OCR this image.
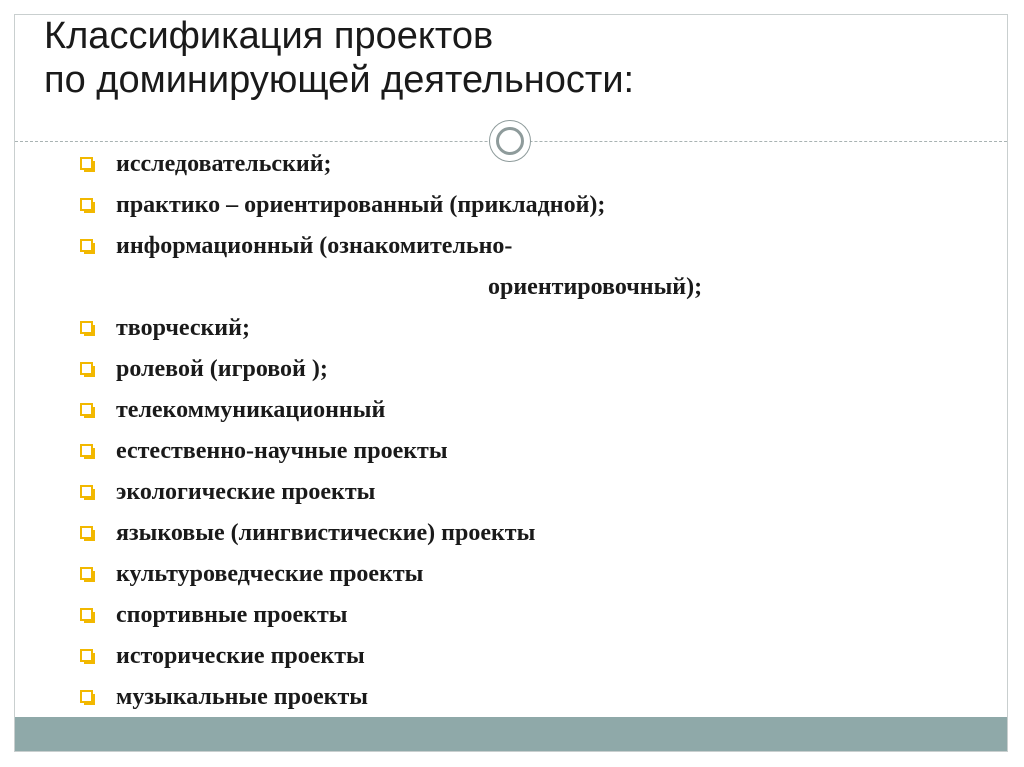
Классификация проектов
по доминирующей деятельности:
исследовательский;
практико – ориентированный (прикладной);
информационный (ознакомительно-
ориентировочный);
творческий;
ролевой (игровой );
телекоммуникационный
естественно-научные проекты
экологические проекты
языковые (лингвистические) проекты
культуроведческие проекты
спортивные проекты
исторические проекты
музыкальные проекты
